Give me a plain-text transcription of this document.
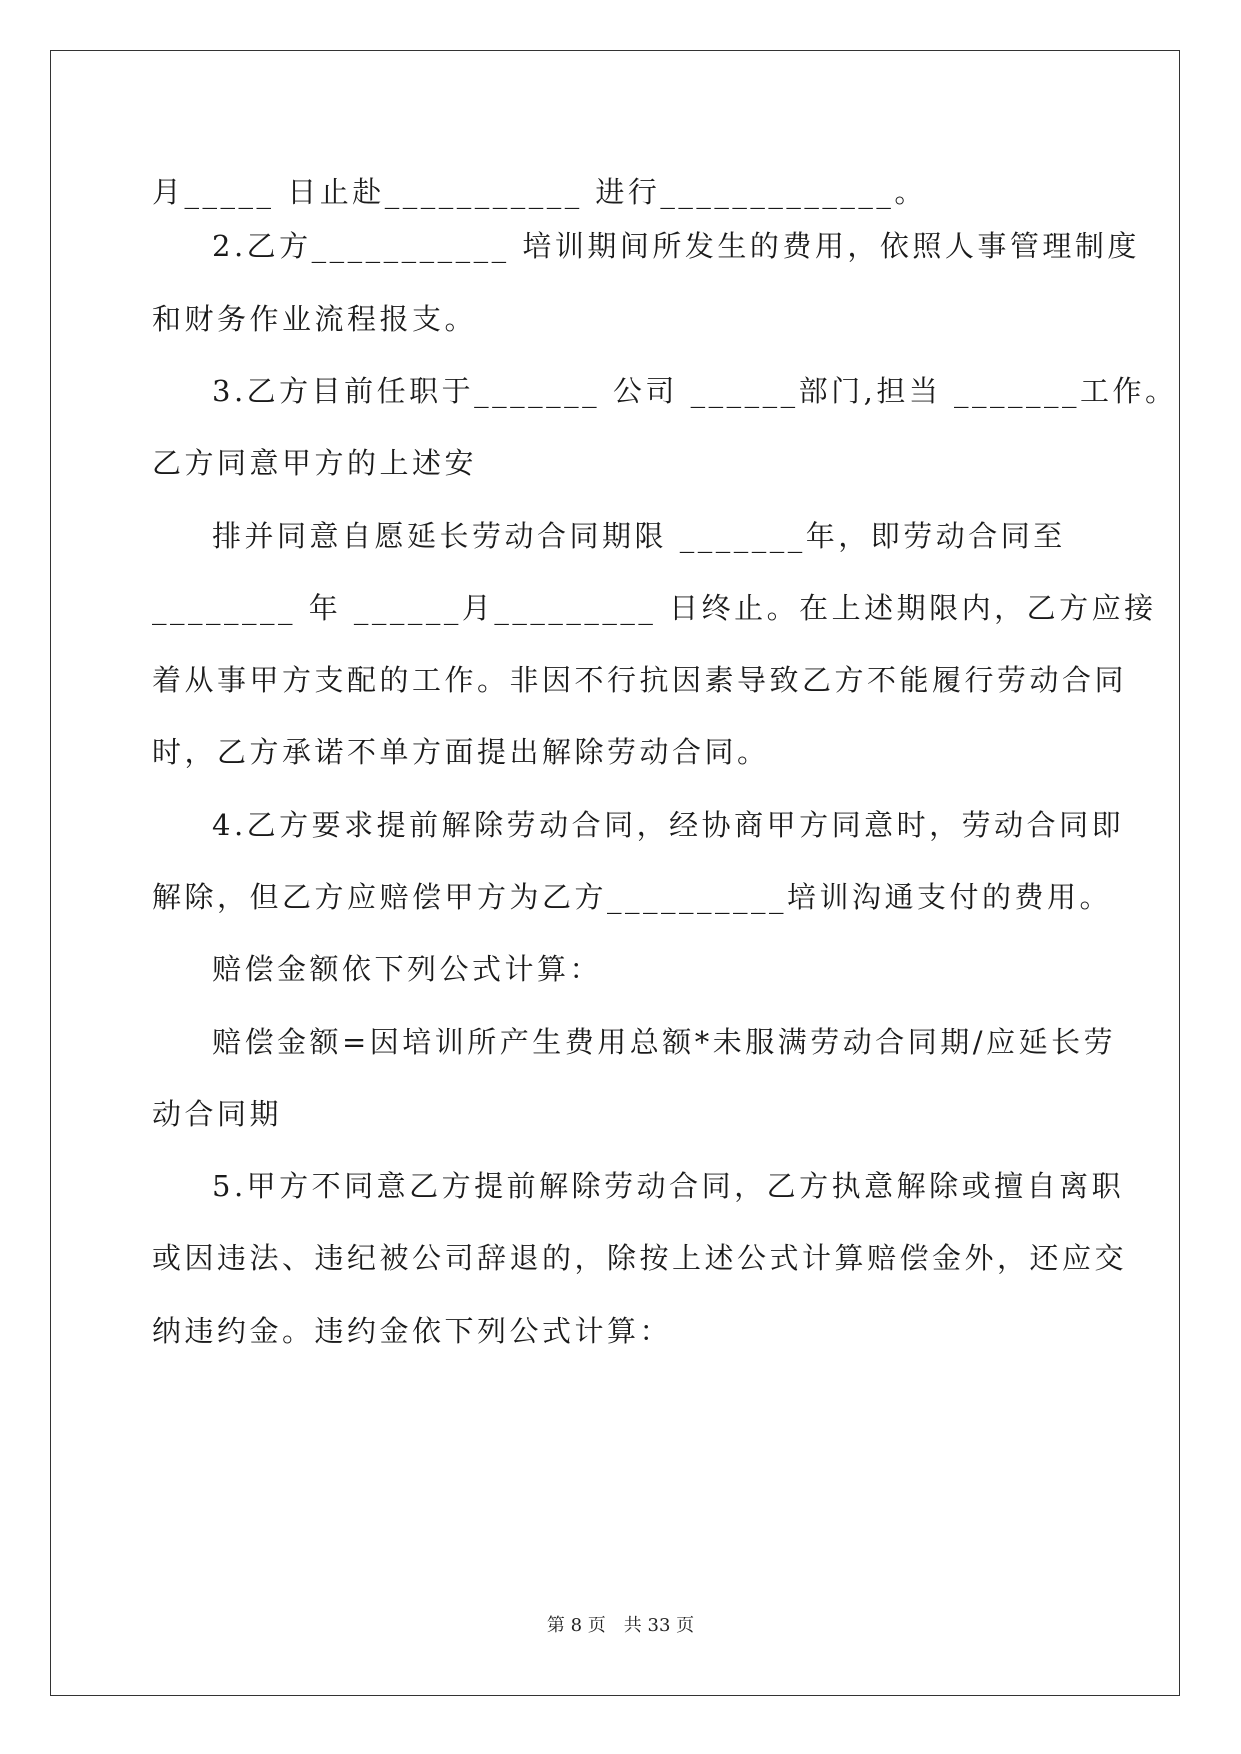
月_____ 日止赴___________ 进行_____________。
2.乙方___________ 培训期间所发生的费用，依照人事管理制度
和财务作业流程报支。
3.乙方目前任职于_______ 公司 ______部门,担当 _______工作。
乙方同意甲方的上述安
排并同意自愿延长劳动合同期限 _______年，即劳动合同至
________ 年 ______月_________ 日终止。在上述期限内，乙方应接
着从事甲方支配的工作。非因不行抗因素导致乙方不能履行劳动合同
时，乙方承诺不单方面提出解除劳动合同。
4.乙方要求提前解除劳动合同，经协商甲方同意时，劳动合同即
解除，但乙方应赔偿甲方为乙方__________培训沟通支付的费用。
赔偿金额依下列公式计算：
赔偿金额=因培训所产生费用总额*未服满劳动合同期/应延长劳
动合同期
5.甲方不同意乙方提前解除劳动合同，乙方执意解除或擅自离职
或因违法、违纪被公司辞退的，除按上述公式计算赔偿金外，还应交
纳违约金。违约金依下列公式计算：
第 8 页　共 33 页
